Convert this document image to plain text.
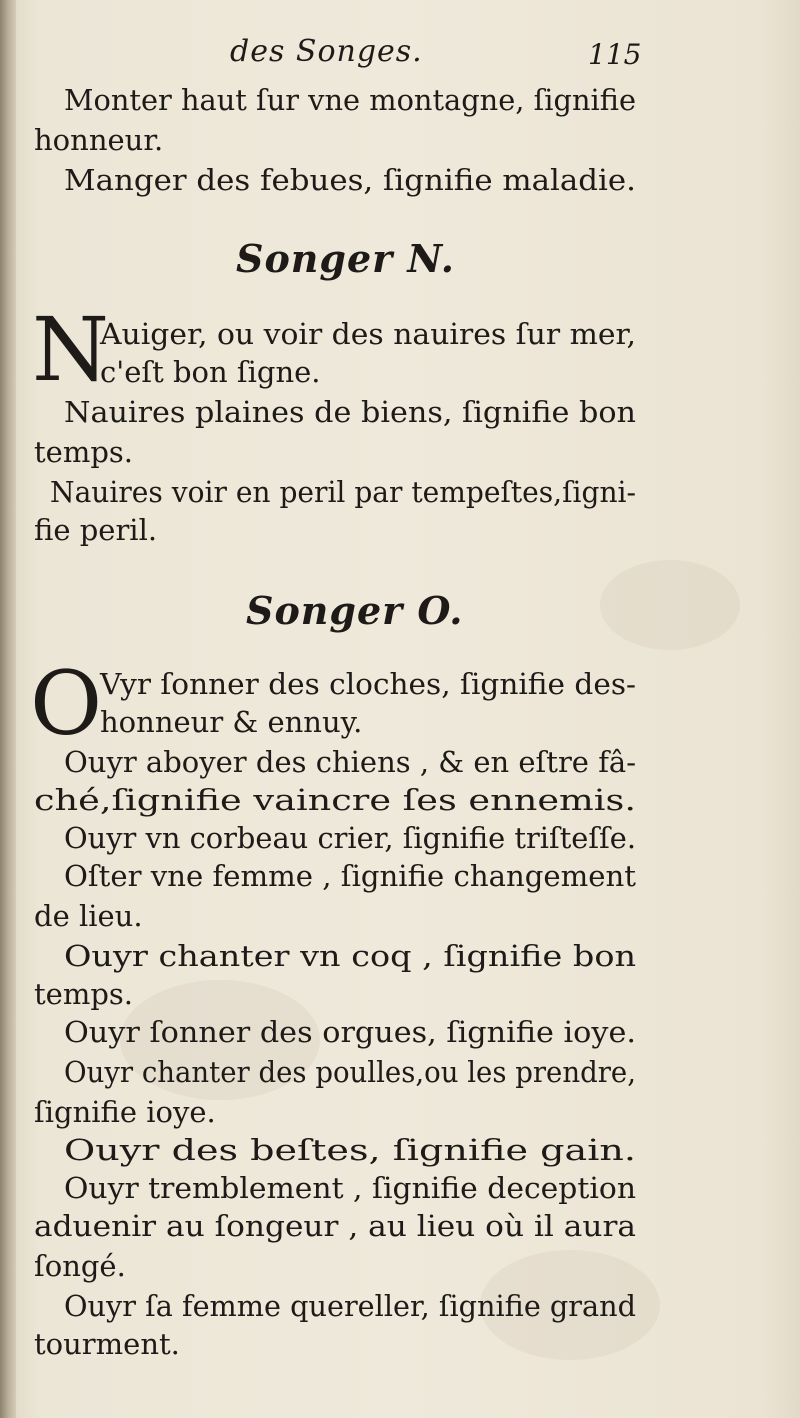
des Songes.	115
Monter haut ſur vne montagne, ſignifie
honneur.
Manger des febues, ſignifie maladie.
Songer N.
N
Auiger, ou voir des nauires ſur mer,
c'eſt bon ſigne.
Nauires plaines de biens, ſignifie bon
temps.
Nauires voir en peril par tempeſtes,ſigni-
fie peril.
Songer O.
O
Vyr ſonner des cloches, ſignifie des-
honneur & ennuy.
Ouyr aboyer des chiens , & en eſtre fâ-
ché,ſignifie vaincre ſes ennemis.
Ouyr vn corbeau crier, ſignifie triſteſſe.
Oſter vne femme , ſignifie changement
de lieu.
Ouyr chanter vn coq , ſignifie bon
temps.
Ouyr ſonner des orgues, ſignifie ioye.
Ouyr chanter des poulles,ou les prendre,
ſignifie ioye.
Ouyr des beſtes, ſignifie gain.
Ouyr tremblement , ſignifie deception
aduenir au ſongeur , au lieu où il aura
ſongé.
Ouyr ſa femme quereller, ſignifie grand
tourment.
